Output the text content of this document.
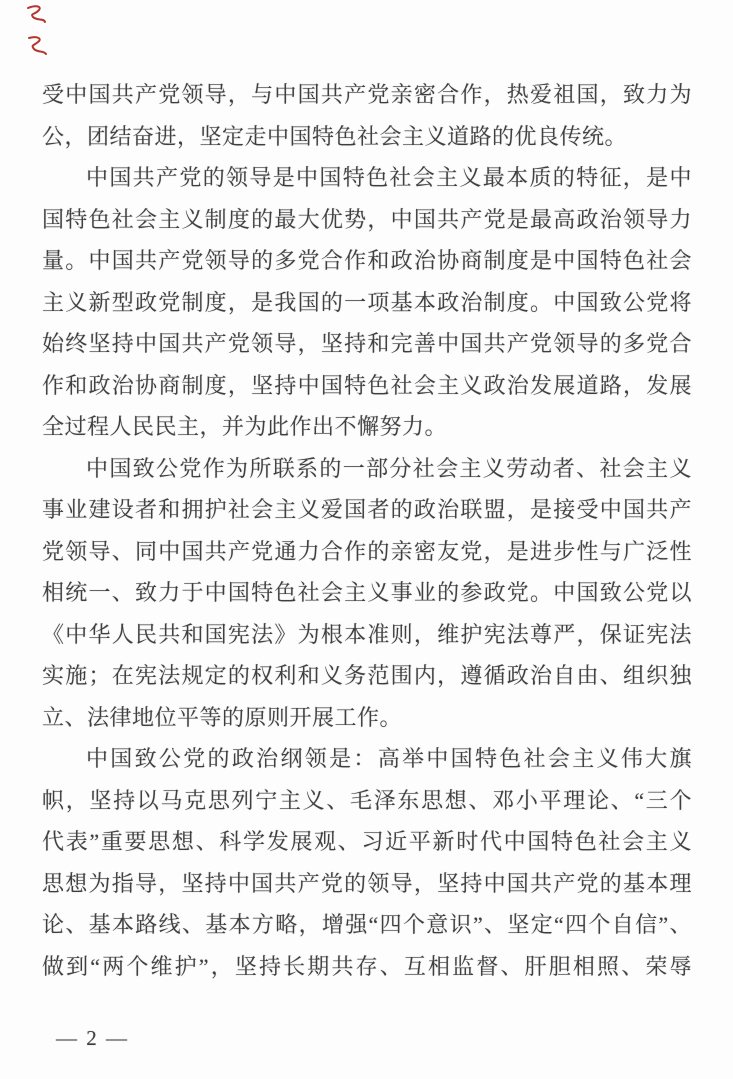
受中国共产党领导，与中国共产党亲密合作，热爱祖国，致力为
公，团结奋进，坚定走中国特色社会主义道路的优良传统。
中国共产党的领导是中国特色社会主义最本质的特征，是中
国特色社会主义制度的最大优势，中国共产党是最高政治领导力
量。中国共产党领导的多党合作和政治协商制度是中国特色社会
主义新型政党制度，是我国的一项基本政治制度。中国致公党将
始终坚持中国共产党领导，坚持和完善中国共产党领导的多党合
作和政治协商制度，坚持中国特色社会主义政治发展道路，发展
全过程人民民主，并为此作出不懈努力。
中国致公党作为所联系的一部分社会主义劳动者、社会主义
事业建设者和拥护社会主义爱国者的政治联盟，是接受中国共产
党领导、同中国共产党通力合作的亲密友党，是进步性与广泛性
相统一、致力于中国特色社会主义事业的参政党。中国致公党以
《中华人民共和国宪法》为根本准则，维护宪法尊严，保证宪法
实施；在宪法规定的权利和义务范围内，遵循政治自由、组织独
立、法律地位平等的原则开展工作。
中国致公党的政治纲领是：高举中国特色社会主义伟大旗
帜，坚持以马克思列宁主义、毛泽东思想、邓小平理论、“三个
代表”重要思想、科学发展观、习近平新时代中国特色社会主义
思想为指导，坚持中国共产党的领导，坚持中国共产党的基本理
论、基本路线、基本方略，增强“四个意识”、坚定“四个自信”、
做到“两个维护”，坚持长期共存、互相监督、肝胆相照、荣辱
— 2 —
